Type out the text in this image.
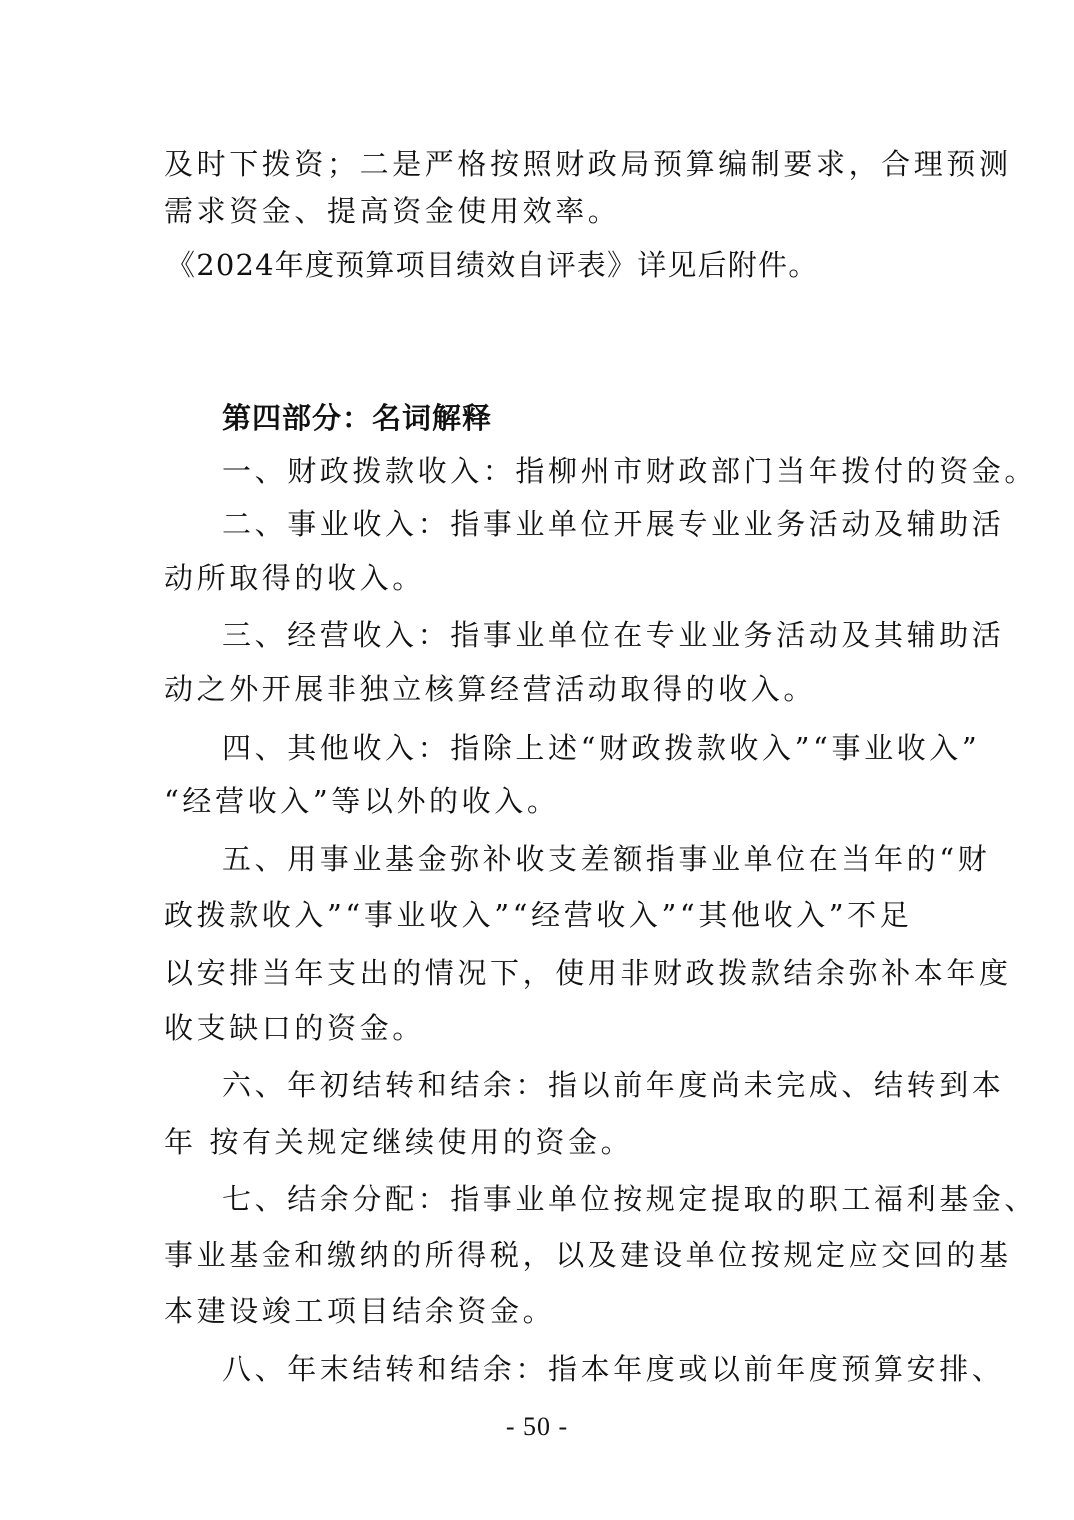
及时下拨资；二是严格按照财政局预算编制要求，合理预测
需求资金、提高资金使用效率。
《2024年度预算项目绩效自评表》详见后附件。
第四部分：名词解释
一、财政拨款收入：指柳州市财政部门当年拨付的资金。
二、事业收入：指事业单位开展专业业务活动及辅助活
动所取得的收入。
三、经营收入：指事业单位在专业业务活动及其辅助活
动之外开展非独立核算经营活动取得的收入。
四、其他收入：指除上述“财政拨款收入”“事业收入”
“经营收入”等以外的收入。
五、用事业基金弥补收支差额指事业单位在当年的“财
政拨款收入”“事业收入”“经营收入”“其他收入”不足
以安排当年支出的情况下，使用非财政拨款结余弥补本年度
收支缺口的资金。
六、年初结转和结余：指以前年度尚未完成、结转到本
年 按有关规定继续使用的资金。
七、结余分配：指事业单位按规定提取的职工福利基金、
事业基金和缴纳的所得税，以及建设单位按规定应交回的基
本建设竣工项目结余资金。
八、年末结转和结余：指本年度或以前年度预算安排、
- 50 -
